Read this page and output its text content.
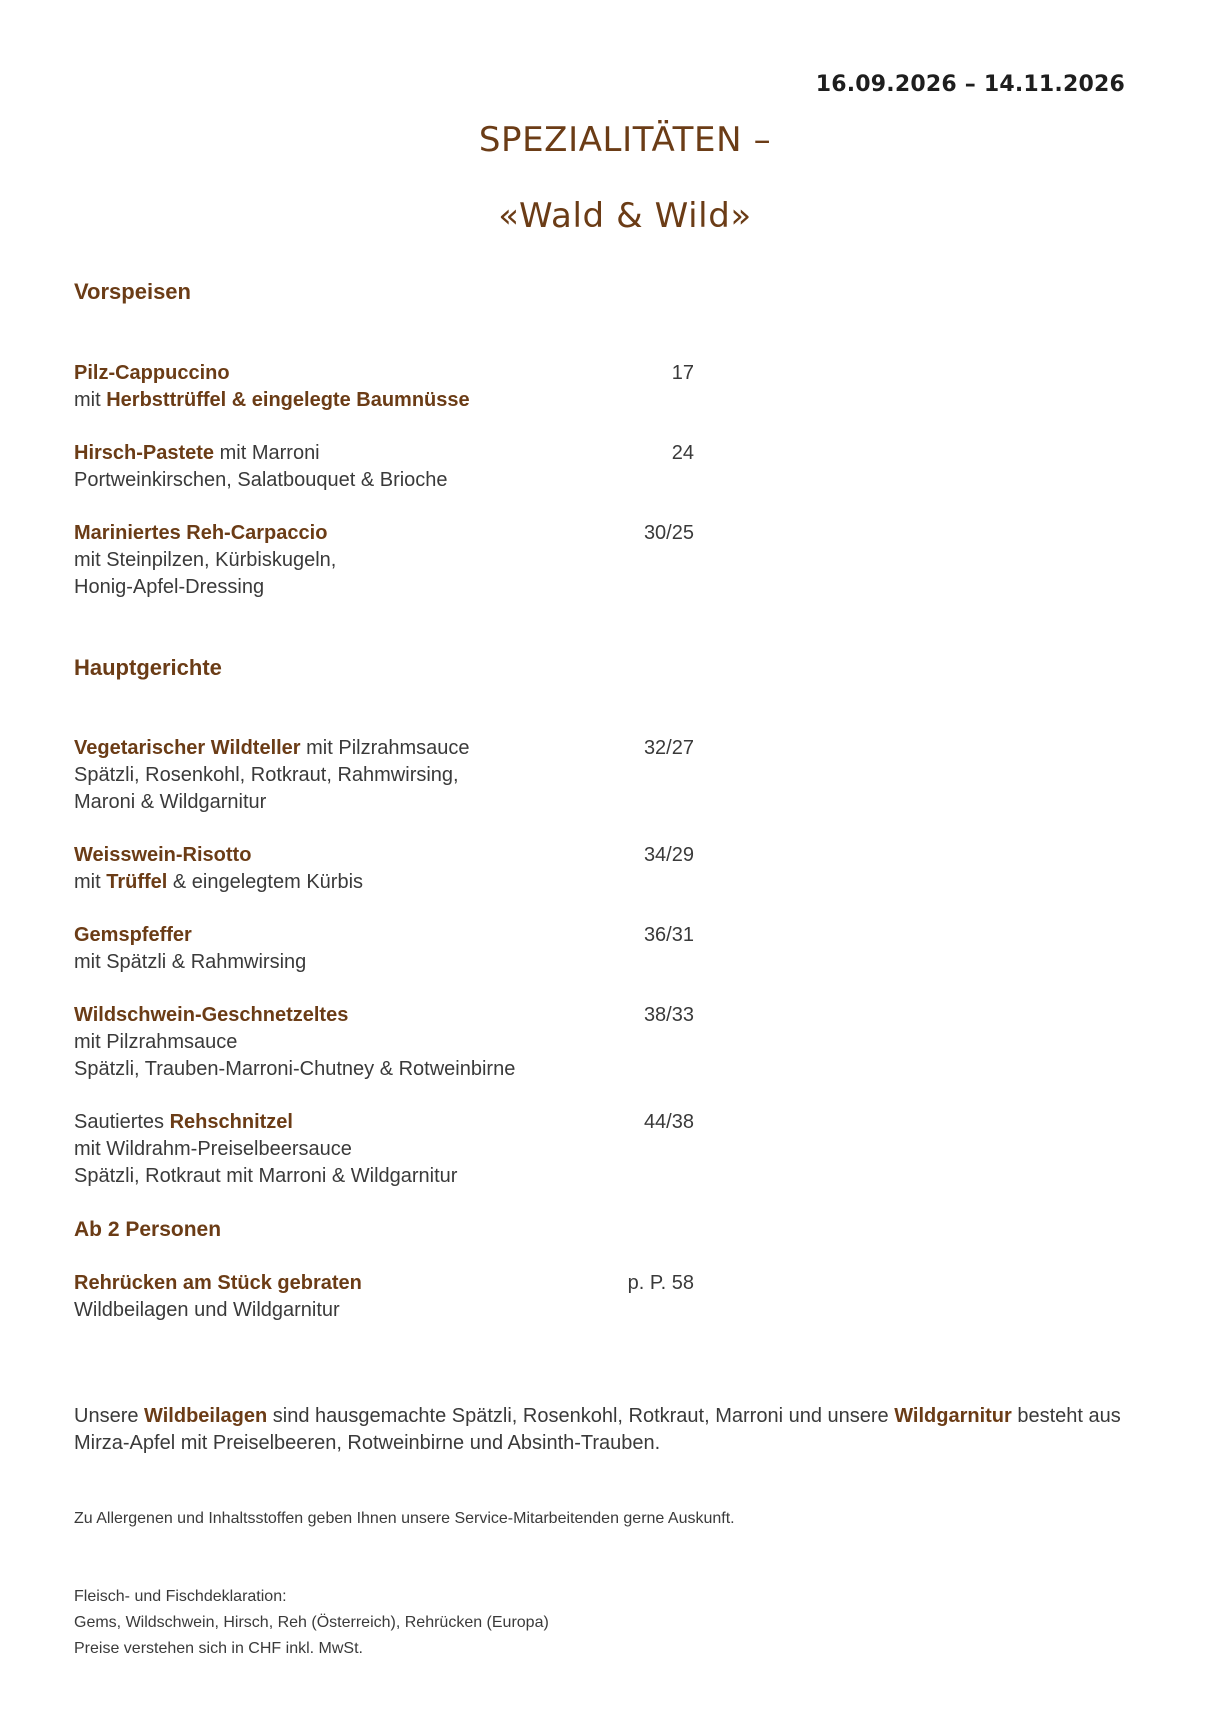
16.09.2026 – 14.11.2026
SPEZIALITÄTEN –
«Wald & Wild»
Vorspeisen
Pilz-Cappuccino
mit Herbsttrüffel & eingelegte Baumnüsse
17
Hirsch-Pastete mit Marroni
Portweinkirschen, Salatbouquet & Brioche
24
Mariniertes Reh-Carpaccio
mit Steinpilzen, Kürbiskugeln,
Honig-Apfel-Dressing
30/25
Hauptgerichte
Vegetarischer Wildteller mit Pilzrahmsauce
Spätzli, Rosenkohl, Rotkraut, Rahmwirsing,
Maroni & Wildgarnitur
32/27
Weisswein-Risotto
mit Trüffel & eingelegtem Kürbis
34/29
Gemspfeffer
mit Spätzli & Rahmwirsing
36/31
Wildschwein-Geschnetzeltes
mit Pilzrahmsauce
Spätzli, Trauben-Marroni-Chutney & Rotweinbirne
38/33
Sautiertes Rehschnitzel
mit Wildrahm-Preiselbeersauce
Spätzli, Rotkraut mit Marroni & Wildgarnitur
44/38
Ab 2 Personen
Rehrücken am Stück gebraten
Wildbeilagen und Wildgarnitur
p. P. 58
Unsere Wildbeilagen sind hausgemachte Spätzli, Rosenkohl, Rotkraut, Marroni und unsere Wildgarnitur besteht aus
Mirza-Apfel mit Preiselbeeren, Rotweinbirne und Absinth-Trauben.
Zu Allergenen und Inhaltsstoffen geben Ihnen unsere Service-Mitarbeitenden gerne Auskunft.
Fleisch- und Fischdeklaration:
Gems, Wildschwein, Hirsch, Reh (Österreich), Rehrücken (Europa)
Preise verstehen sich in CHF inkl. MwSt.
